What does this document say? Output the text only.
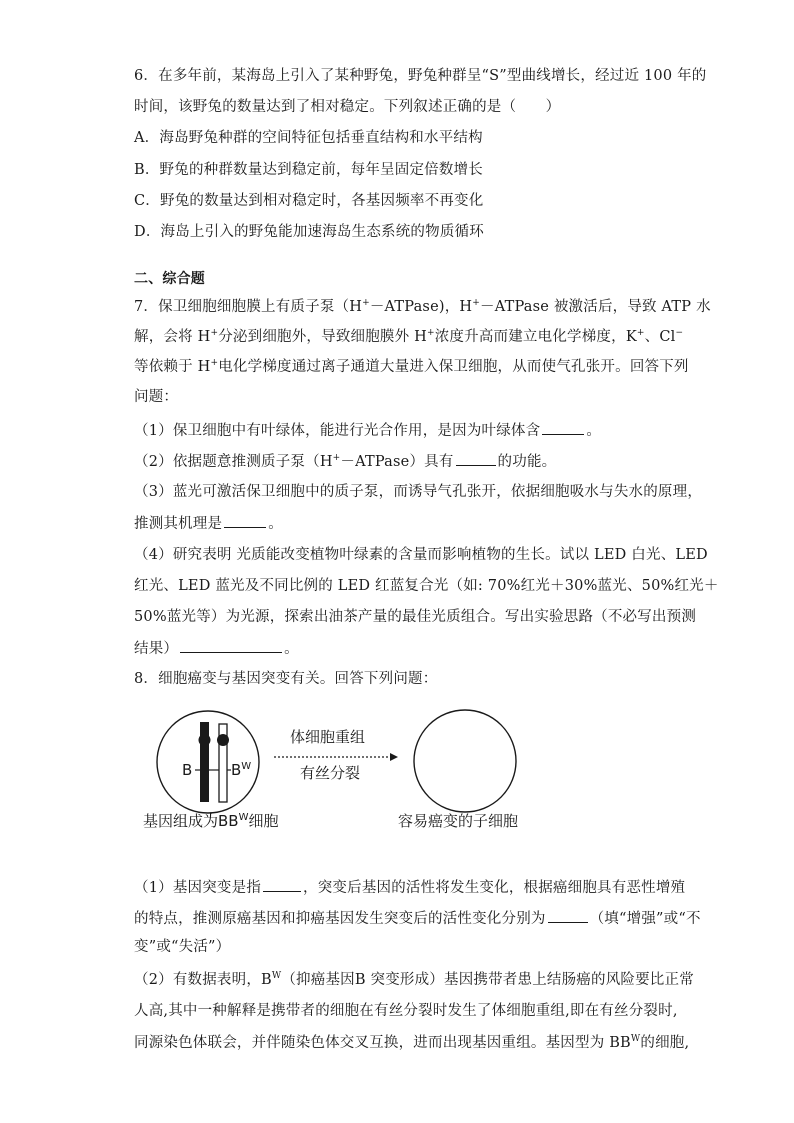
6．在多年前，某海岛上引入了某种野兔，野兔种群呈“S”型曲线增长，经过近 100 年的
时间，该野兔的数量达到了相对稳定。下列叙述正确的是（　　）
A．海岛野兔种群的空间特征包括垂直结构和水平结构
B．野兔的种群数量达到稳定前，每年呈固定倍数增长
C．野兔的数量达到相对稳定时，各基因频率不再变化
D．海岛上引入的野兔能加速海岛生态系统的物质循环
二、综合题
7．保卫细胞细胞膜上有质子泵（H+－ATPase)，H+－ATPase 被激活后，导致 ATP 水
解，会将 H+分泌到细胞外，导致细胞膜外 H+浓度升高而建立电化学梯度，K+、Cl−
等依赖于 H+电化学梯度通过离子通道大量进入保卫细胞，从而使气孔张开。回答下列
问题：
（1）保卫细胞中有叶绿体，能进行光合作用，是因为叶绿体含	。
（2）依据题意推测质子泵（H+－ATPase）具有	的功能。
（3）蓝光可激活保卫细胞中的质子泵，而诱导气孔张开，依据细胞吸水与失水的原理，
推测其机理是	。
（4）研究表明 光质能改变植物叶绿素的含量而影响植物的生长。试以 LED 白光、LED
红光、LED 蓝光及不同比例的 LED 红蓝复合光（如: 70%红光＋30%蓝光、50%红光＋
50%蓝光等）为光源，探索出油茶产量的最佳光质组合。写出实验思路（不必写出预测
结果）	。
8．细胞癌变与基因突变有关。回答下列问题：
B	$B^W$
体细胞重组
有丝分裂
基因组成为$BB^W$细胞	容易癌变的子细胞
（1）基因突变是指	，突变后基因的活性将发生变化，根据癌细胞具有恶性增殖
的特点，推测原癌基因和抑癌基因发生突变后的活性变化分别为	（填“增强”或“不
变”或“失活”）
（2）有数据表明，$B^W$（抑癌基因B 突变形成）基因携带者患上结肠癌的风险要比正常
人高,其中一种解释是携带者的细胞在有丝分裂时发生了体细胞重组,即在有丝分裂时,
同源染色体联会，并伴随染色体交叉互换，进而出现基因重组。基因型为 $BB^W$的细胞,
